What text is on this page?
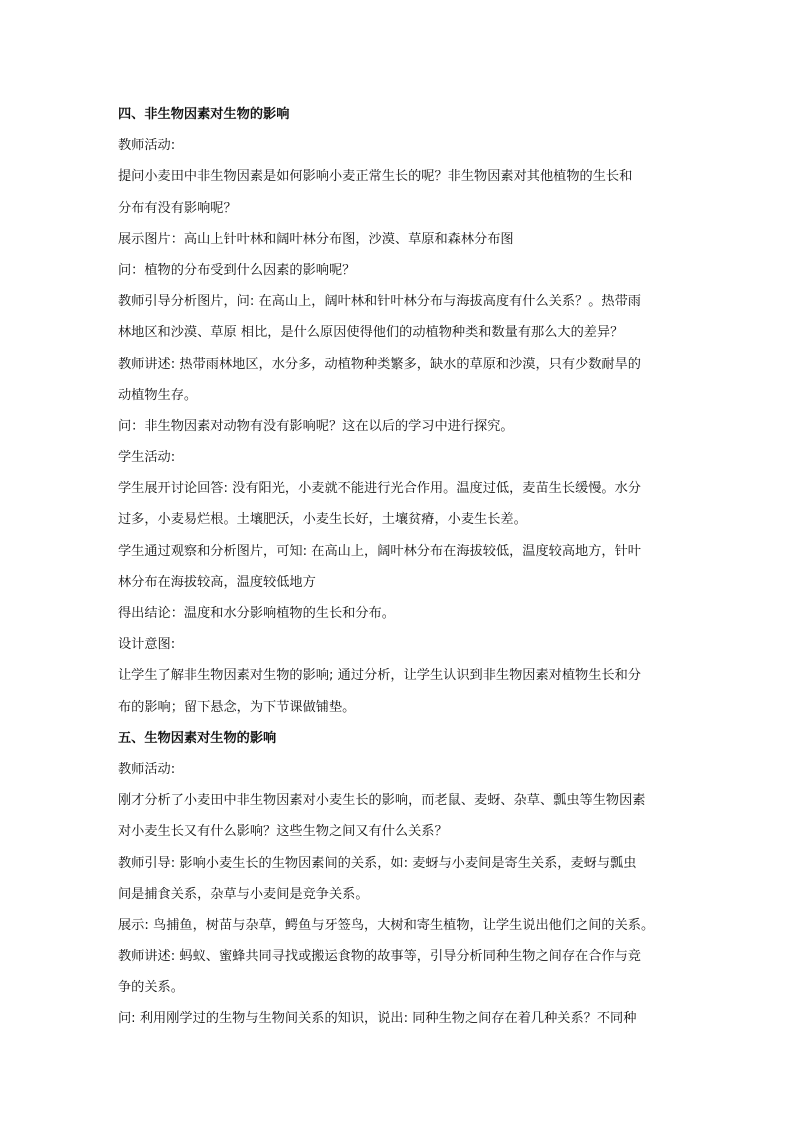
四、非生物因素对生物的影响
教师活动:
提问小麦田中非生物因素是如何影响小麦正常生长的呢？非生物因素对其他植物的生长和
分布有没有影响呢？
展示图片：高山上针叶林和阔叶林分布图，沙漠、草原和森林分布图
问：植物的分布受到什么因素的影响呢？
教师引导分析图片，问: 在高山上，阔叶林和针叶林分布与海拔高度有什么关系？。热带雨
林地区和沙漠、草原 相比，是什么原因使得他们的动植物种类和数量有那么大的差异？
教师讲述: 热带雨林地区，水分多，动植物种类繁多，缺水的草原和沙漠，只有少数耐旱的
动植物生存。
问：非生物因素对动物有没有影响呢？这在以后的学习中进行探究。
学生活动:
学生展开讨论回答: 没有阳光，小麦就不能进行光合作用。温度过低，麦苗生长缓慢。水分
过多，小麦易烂根。土壤肥沃，小麦生长好，土壤贫瘠，小麦生长差。
学生通过观察和分析图片，可知: 在高山上，阔叶林分布在海拔较低，温度较高地方，针叶
林分布在海拔较高，温度较低地方
得出结论：温度和水分影响植物的生长和分布。
设计意图:
让学生了解非生物因素对生物的影响; 通过分析，让学生认识到非生物因素对植物生长和分
布的影响；留下悬念，为下节课做铺垫。
五、生物因素对生物的影响
教师活动:
刚才分析了小麦田中非生物因素对小麦生长的影响，而老鼠、麦蚜、杂草、瓢虫等生物因素
对小麦生长又有什么影响？这些生物之间又有什么关系？
教师引导: 影响小麦生长的生物因素间的关系，如: 麦蚜与小麦间是寄生关系，麦蚜与瓢虫
间是捕食关系，杂草与小麦间是竞争关系。
展示: 鸟捕鱼，树苗与杂草，鳄鱼与牙签鸟，大树和寄生植物，让学生说出他们之间的关系。
教师讲述: 蚂蚁、蜜蜂共同寻找或搬运食物的故事等，引导分析同种生物之间存在合作与竞
争的关系。
问: 利用刚学过的生物与生物间关系的知识，说出: 同种生物之间存在着几种关系？不同种
